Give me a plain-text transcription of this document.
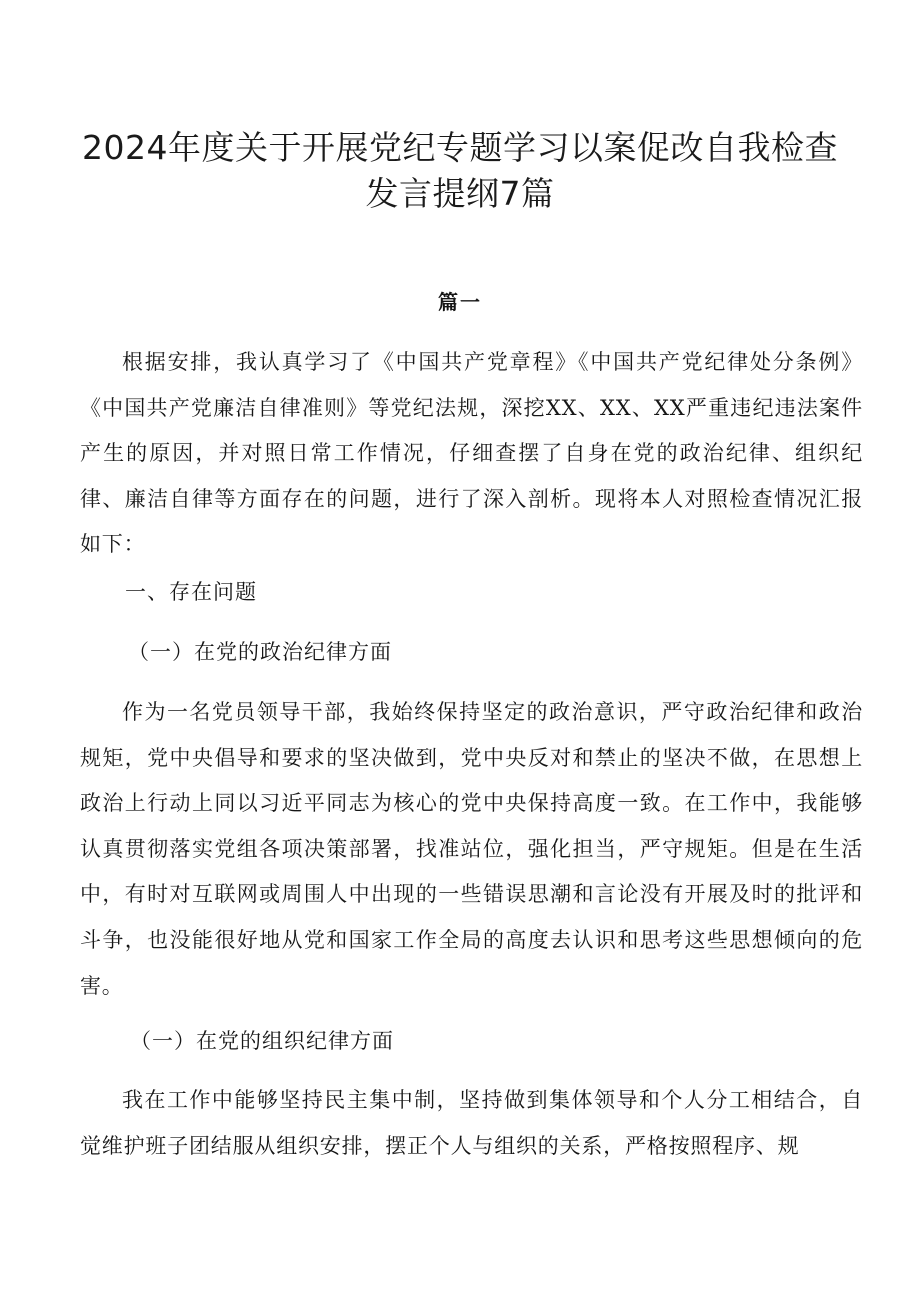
2024年度关于开展党纪专题学习以案促改自我检查
发言提纲7篇
篇一

根据安排，我认真学习了《中国共产党章程》《中国共产党纪律处分条例》《中国共产党廉洁自律准则》等党纪法规，深挖XX、XX、XX严重违纪违法案件产生的原因，并对照日常工作情况，仔细查摆了自身在党的政治纪律、组织纪律、廉洁自律等方面存在的问题，进行了深入剖析。现将本人对照检查情况汇报如下：

一、存在问题
（一）在党的政治纪律方面

作为一名党员领导干部，我始终保持坚定的政治意识，严守政治纪律和政治规矩，党中央倡导和要求的坚决做到，党中央反对和禁止的坚决不做，在思想上政治上行动上同以习近平同志为核心的党中央保持高度一致。在工作中，我能够认真贯彻落实党组各项决策部署，找准站位，强化担当，严守规矩。但是在生活中，有时对互联网或周围人中出现的一些错误思潮和言论没有开展及时的批评和斗争，也没能很好地从党和国家工作全局的高度去认识和思考这些思想倾向的危害。

（一）在党的组织纪律方面

我在工作中能够坚持民主集中制，坚持做到集体领导和个人分工相结合，自觉维护班子团结服从组织安排，摆正个人与组织的关系，严格按照程序、规
